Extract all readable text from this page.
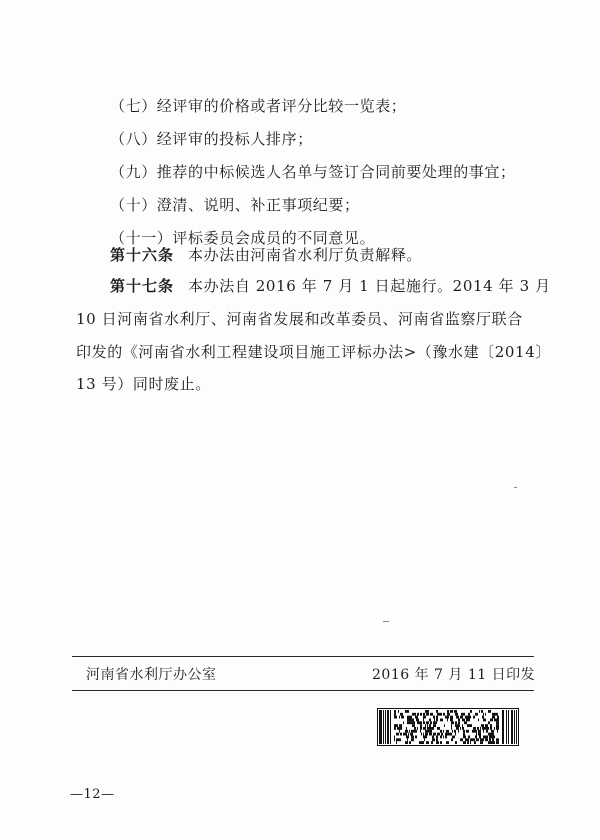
（七）经评审的价格或者评分比较一览表；
（八）经评审的投标人排序；
（九）推荐的中标候选人名单与签订合同前要处理的事宜；
（十）澄清、说明、补正事项纪要；
（十一）评标委员会成员的不同意见。
第十六条 本办法由河南省水利厅负责解释。
第十七条 本办法自 2016 年 7 月 1 日起施行。2014 年 3 月
10 日河南省水利厅、河南省发展和改革委员、河南省监察厅联合
印发的《河南省水利工程建设项目施工评标办法>（豫水建〔2014〕
13 号）同时废止。
河南省水利厅办公室	2016 年 7 月 11 日印发
—12—
